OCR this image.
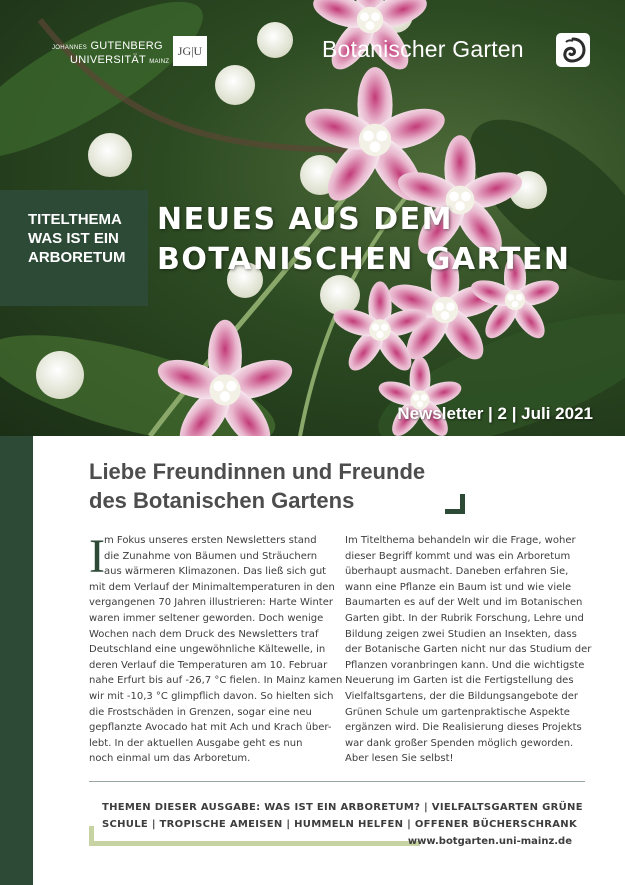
JOHANNES GUTENBERG
UNIVERSITÄT MAINZ
JG|U	Botanischer Garten
TITELTHEMA
WAS IST EIN
ARBORETUM
NEUES AUS DEM
BOTANISCHEN GARTEN
Newsletter | 2 | Juli 2021
Liebe Freundinnen und Freunde
des Botanischen Gartens
I m Fokus unseres ersten Newsletters stand
die Zunahme von Bäumen und Sträuchern
aus wärmeren Klimazonen. Das ließ sich gut
mit dem Verlauf der Minimaltemperaturen in den
vergangenen 70 Jahren illustrieren: Harte Winter
waren immer seltener geworden. Doch wenige
Wochen nach dem Druck des Newsletters traf
Deutschland eine ungewöhnliche Kältewelle, in
deren Verlauf die Temperaturen am 10. Februar
nahe Erfurt bis auf -26,7 °C fielen. In Mainz kamen
wir mit -10,3 °C glimpflich davon. So hielten sich
die Frostschäden in Grenzen, sogar eine neu
gepflanzte Avocado hat mit Ach und Krach über-
lebt. In der aktuellen Ausgabe geht es nun
noch einmal um das Arboretum.
Im Titelthema behandeln wir die Frage, woher
dieser Begriff kommt und was ein Arboretum
überhaupt ausmacht. Daneben erfahren Sie,
wann eine Pflanze ein Baum ist und wie viele
Baumarten es auf der Welt und im Botanischen
Garten gibt. In der Rubrik Forschung, Lehre und
Bildung zeigen zwei Studien an Insekten, dass
der Botanische Garten nicht nur das Studium der
Pflanzen voranbringen kann. Und die wichtigste
Neuerung im Garten ist die Fertigstellung des
Vielfaltsgartens, der die Bildungsangebote der
Grünen Schule um gartenpraktische Aspekte
ergänzen wird. Die Realisierung dieses Projekts
war dank großer Spenden möglich geworden.
Aber lesen Sie selbst!
THEMEN DIESER AUSGABE: WAS IST EIN ARBORETUM? | VIELFALTSGARTEN GRÜNE
SCHULE | TROPISCHE AMEISEN | HUMMELN HELFEN | OFFENER BÜCHERSCHRANK
www.botgarten.uni-mainz.de
